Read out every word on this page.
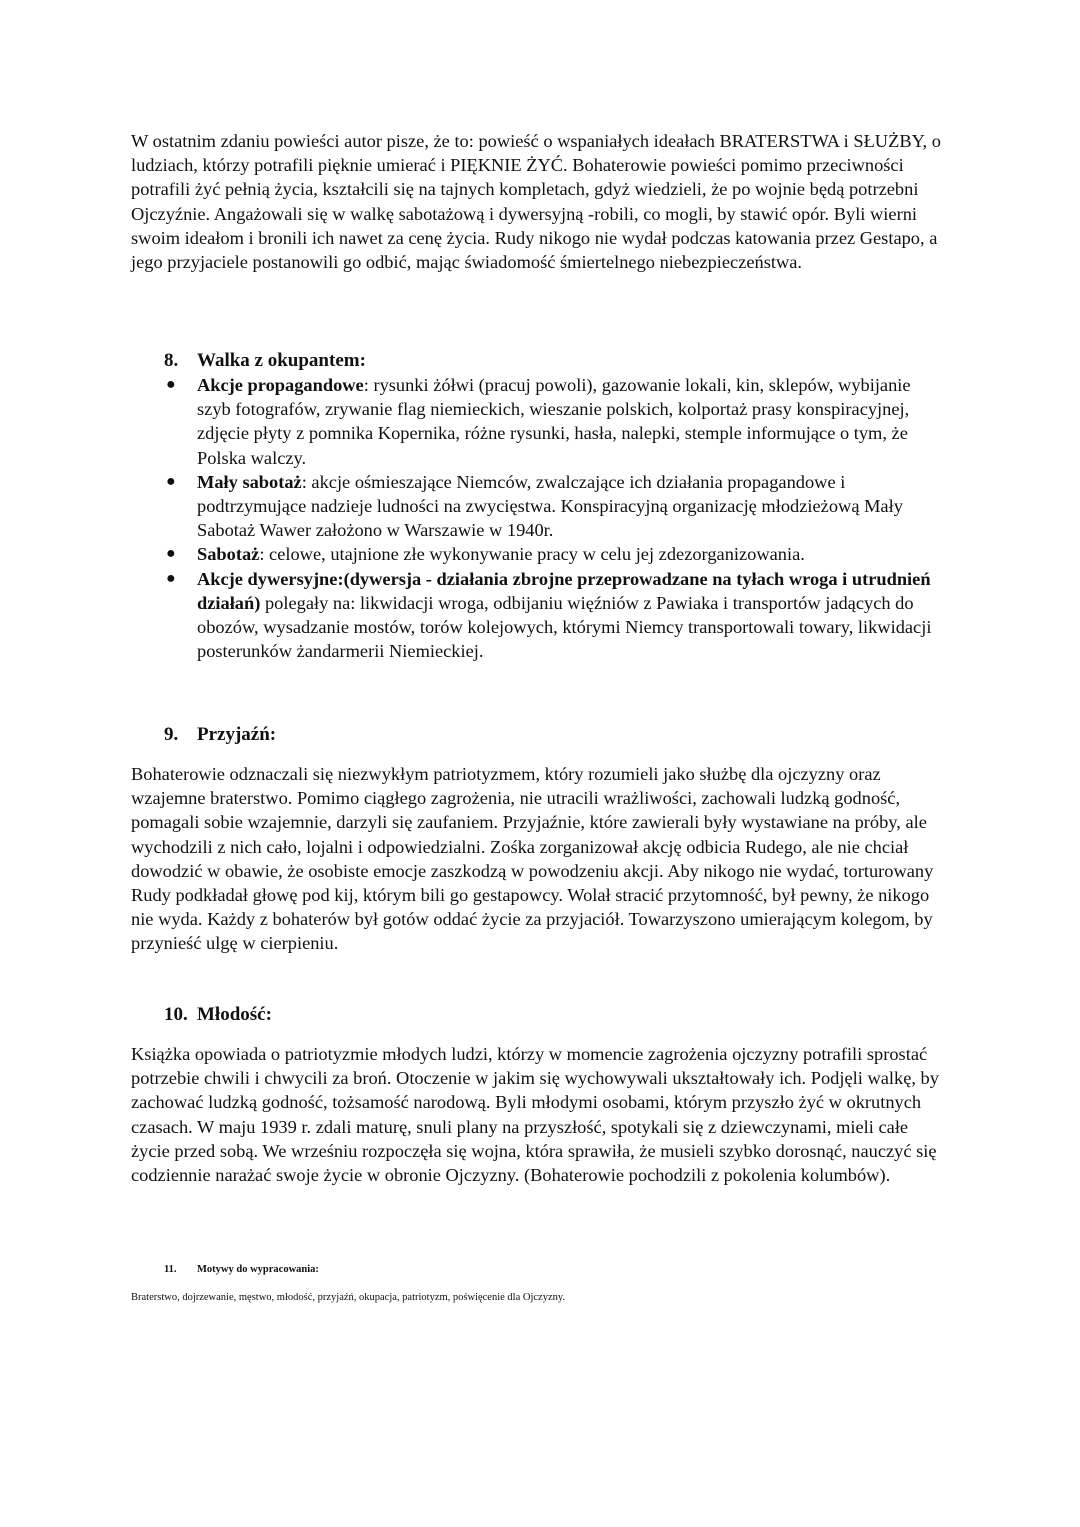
W ostatnim zdaniu powieści autor pisze, że to: powieść o wspaniałych ideałach BRATERSTWA i SŁUŻBY, o ludziach, którzy potrafili pięknie umierać i PIĘKNIE ŻYĆ. Bohaterowie powieści pomimo przeciwności potrafili żyć pełnią życia, kształcili się na tajnych kompletach, gdyż wiedzieli, że po wojnie będą potrzebni Ojczyźnie. Angażowali się w walkę sabotażową i dywersyjną -robili, co mogli, by stawić opór. Byli wierni swoim ideałom i bronili ich nawet za cenę życia. Rudy nikogo nie wydał podczas katowania przez Gestapo, a jego przyjaciele postanowili go odbić, mając świadomość śmiertelnego niebezpieczeństwa.

8. Walka z okupantem:
● Akcje propagandowe: rysunki żółwi (pracuj powoli), gazowanie lokali, kin, sklepów, wybijanie szyb fotografów, zrywanie flag niemieckich, wieszanie polskich, kolportaż prasy konspiracyjnej, zdjęcie płyty z pomnika Kopernika, różne rysunki, hasła, nalepki, stemple informujące o tym, że Polska walczy.
● Mały sabotaż: akcje ośmieszające Niemców, zwalczające ich działania propagandowe i podtrzymujące nadzieje ludności na zwycięstwa. Konspiracyjną organizację młodzieżową Mały Sabotaż Wawer założono w Warszawie w 1940r.
● Sabotaż: celowe, utajnione złe wykonywanie pracy w celu jej zdezorganizowania.
● Akcje dywersyjne:(dywersja - działania zbrojne przeprowadzane na tyłach wroga i utrudnień działań) polegały na: likwidacji wroga, odbijaniu więźniów z Pawiaka i transportów jadących do obozów, wysadzanie mostów, torów kolejowych, którymi Niemcy transportowali towary, likwidacji posterunków żandarmerii Niemieckiej.
9. Przyjaźń:

Bohaterowie odznaczali się niezwykłym patriotyzmem, który rozumieli jako służbę dla ojczyzny oraz wzajemne braterstwo. Pomimo ciągłego zagrożenia, nie utracili wrażliwości, zachowali ludzką godność, pomagali sobie wzajemnie, darzyli się zaufaniem. Przyjaźnie, które zawierali były wystawiane na próby, ale wychodzili z nich cało, lojalni i odpowiedzialni. Zośka zorganizował akcję odbicia Rudego, ale nie chciał dowodzić w obawie, że osobiste emocje zaszkodzą w powodzeniu akcji. Aby nikogo nie wydać, torturowany Rudy podkładał głowę pod kij, którym bili go gestapowcy. Wolał stracić przytomność, był pewny, że nikogo nie wyda. Każdy z bohaterów był gotów oddać życie za przyjaciół. Towarzyszono umierającym kolegom, by przynieść ulgę w cierpieniu.

10. Młodość:

Książka opowiada o patriotyzmie młodych ludzi, którzy w momencie zagrożenia ojczyzny potrafili sprostać potrzebie chwili i chwycili za broń. Otoczenie w jakim się wychowywali ukształtowały ich. Podjęli walkę, by zachować ludzką godność, tożsamość narodową. Byli młodymi osobami, którym przyszło żyć w okrutnych czasach. W maju 1939 r. zdali maturę, snuli plany na przyszłość, spotykali się z dziewczynami, mieli całe życie przed sobą. We wrześniu rozpoczęła się wojna, która sprawiła, że musieli szybko dorosnąć, nauczyć się codziennie narażać swoje życie w obronie Ojczyzny. (Bohaterowie pochodzili z pokolenia kolumbów).

11. Motywy do wypracowania:

Braterstwo, dojrzewanie, męstwo, młodość, przyjaźń, okupacja, patriotyzm, poświęcenie dla Ojczyzny.
